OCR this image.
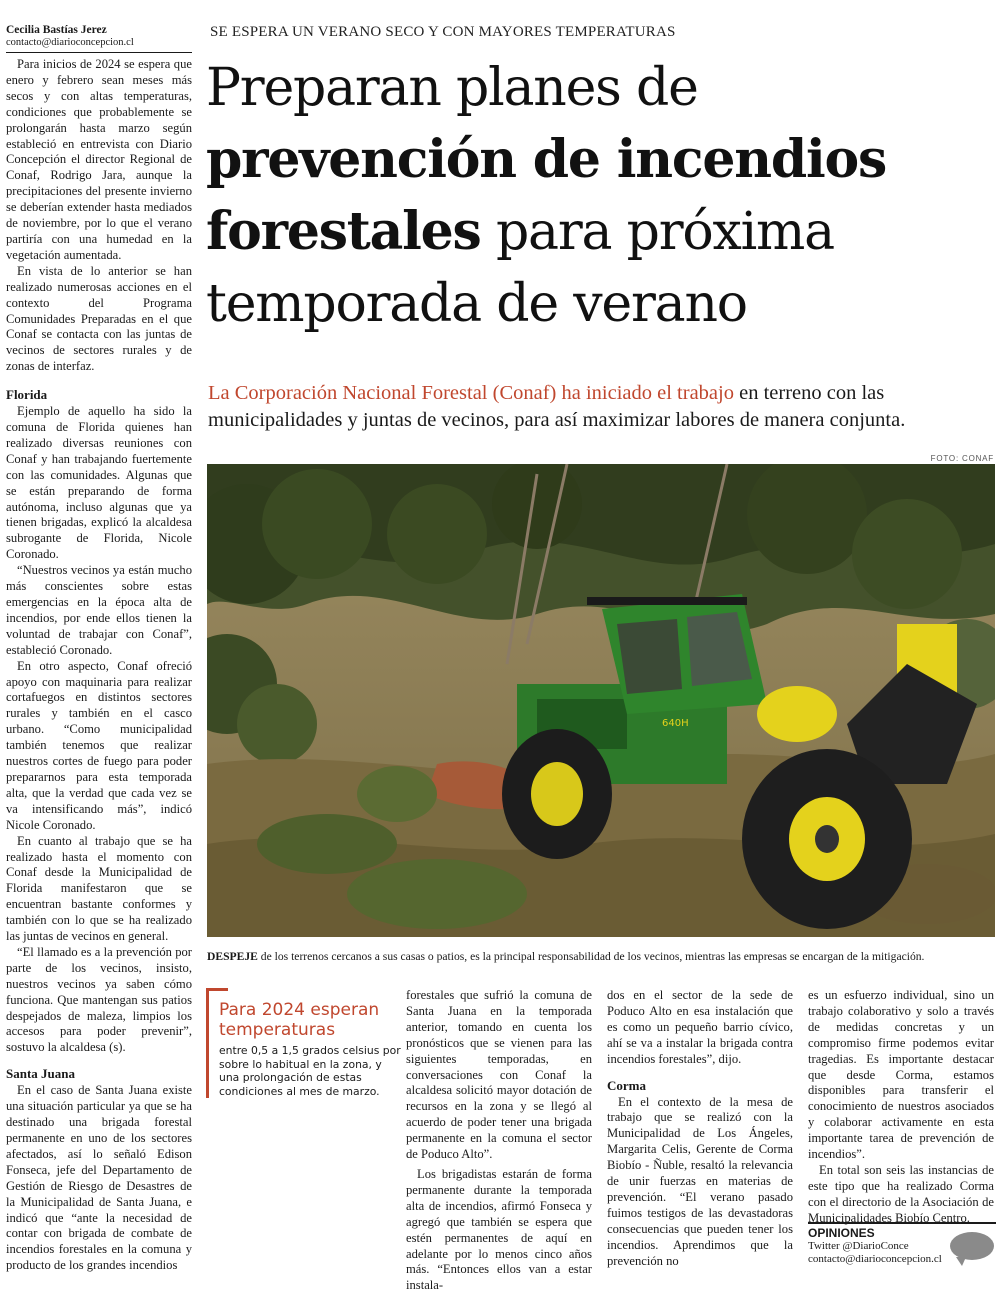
Cecilia Bastías Jerez
contacto@diarioconcepcion.cl
SE ESPERA UN VERANO SECO Y CON MAYORES TEMPERATURAS
Preparan planes de
prevención de incendios
forestales para próxima
temporada de verano
La Corporación Nacional Forestal (Conaf) ha iniciado el trabajo en terreno con las municipalidades y juntas de vecinos, para así maximizar labores de manera conjunta.
FOTO: CONAF
640H
DESPEJE de los terrenos cercanos a sus casas o patios, es la principal responsabilidad de los vecinos, mientras las empresas se encargan de la mitigación.

Para inicios de 2024 se espera que enero y febrero sean meses más secos y con altas temperaturas, condiciones que probablemente se prolongarán hasta marzo según estableció en entrevista con Diario Concepción el director Regional de Conaf, Rodrigo Jara, aunque la precipitaciones del presente invierno se deberían extender hasta mediados de noviembre, por lo que el verano partiría con una humedad en la vegetación aumentada.

En vista de lo anterior se han realizado numerosas acciones en el contexto del Programa Comunidades Preparadas en el que Conaf se contacta con las juntas de vecinos de sectores rurales y de zonas de interfaz.

Florida

Ejemplo de aquello ha sido la comuna de Florida quienes han realizado diversas reuniones con Conaf y han trabajando fuertemente con las comunidades. Algunas que se están preparando de forma autónoma, incluso algunas que ya tienen brigadas, explicó la alcaldesa subrogante de Florida, Nicole Coronado.

“Nuestros vecinos ya están mucho más conscientes sobre estas emergencias en la época alta de incendios, por ende ellos tienen la voluntad de trabajar con Conaf”, estableció Coronado.

En otro aspecto, Conaf ofreció apoyo con maquinaria para realizar cortafuegos en distintos sectores rurales y también en el casco urbano. “Como municipalidad también tenemos que realizar nuestros cortes de fuego para poder prepararnos para esta temporada alta, que la verdad que cada vez se va intensificando más”, indicó Nicole Coronado.

En cuanto al trabajo que se ha realizado hasta el momento con Conaf desde la Municipalidad de Florida manifestaron que se encuentran bastante conformes y también con lo que se ha realizado las juntas de vecinos en general.

“El llamado es a la prevención por parte de los vecinos, insisto, nuestros vecinos ya saben cómo funciona. Que mantengan sus patios despejados de maleza, limpios los accesos para poder prevenir”, sostuvo la alcaldesa (s).

Santa Juana

En el caso de Santa Juana existe una situación particular ya que se ha destinado una brigada forestal permanente en uno de los sectores afectados, así lo señaló Edison Fonseca, jefe del Departamento de Gestión de Riesgo de Desastres de la Municipalidad de Santa Juana, e indicó que “ante la necesidad de contar con brigada de combate de incendios forestales en la comuna y producto de los grandes incendios

Para 2024 esperan temperaturas
entre 0,5 a 1,5 grados celsius por sobre lo habitual en la zona, y una prolongación de estas condiciones al mes de marzo.

forestales que sufrió la comuna de Santa Juana en la temporada anterior, tomando en cuenta los pronósticos que se vienen para las siguientes temporadas, en conversaciones con Conaf la alcaldesa solicitó mayor dotación de recursos en la zona y se llegó al acuerdo de poder tener una brigada permanente en la comuna el sector de Poduco Alto”.

Los brigadistas estarán de forma permanente durante la temporada alta de incendios, afirmó Fonseca y agregó que también se espera que estén permanentes de aquí en adelante por lo menos cinco años más. “Entonces ellos van a estar instala-

dos en el sector de la sede de Poduco Alto en esa instalación que es como un pequeño barrio cívico, ahí se va a instalar la brigada contra incendios forestales”, dijo.

Corma

En el contexto de la mesa de trabajo que se realizó con la Municipalidad de Los Ángeles, Margarita Celis, Gerente de Corma Biobío - Ñuble, resaltó la relevancia de unir fuerzas en materias de prevención. “El verano pasado fuimos testigos de las devastadoras consecuencias que pueden tener los incendios. Aprendimos que la prevención no

es un esfuerzo individual, sino un trabajo colaborativo y solo a través de medidas concretas y un compromiso firme podemos evitar tragedias. Es importante destacar que desde Corma, estamos disponibles para transferir el conocimiento de nuestros asociados y colaborar activamente en esta importante tarea de prevención de incendios”.

En total son seis las instancias de este tipo que ha realizado Corma con el directorio de la Asociación de Municipalidades Biobío Centro.

OPINIONES
Twitter @DiarioConce
contacto@diarioconcepcion.cl
